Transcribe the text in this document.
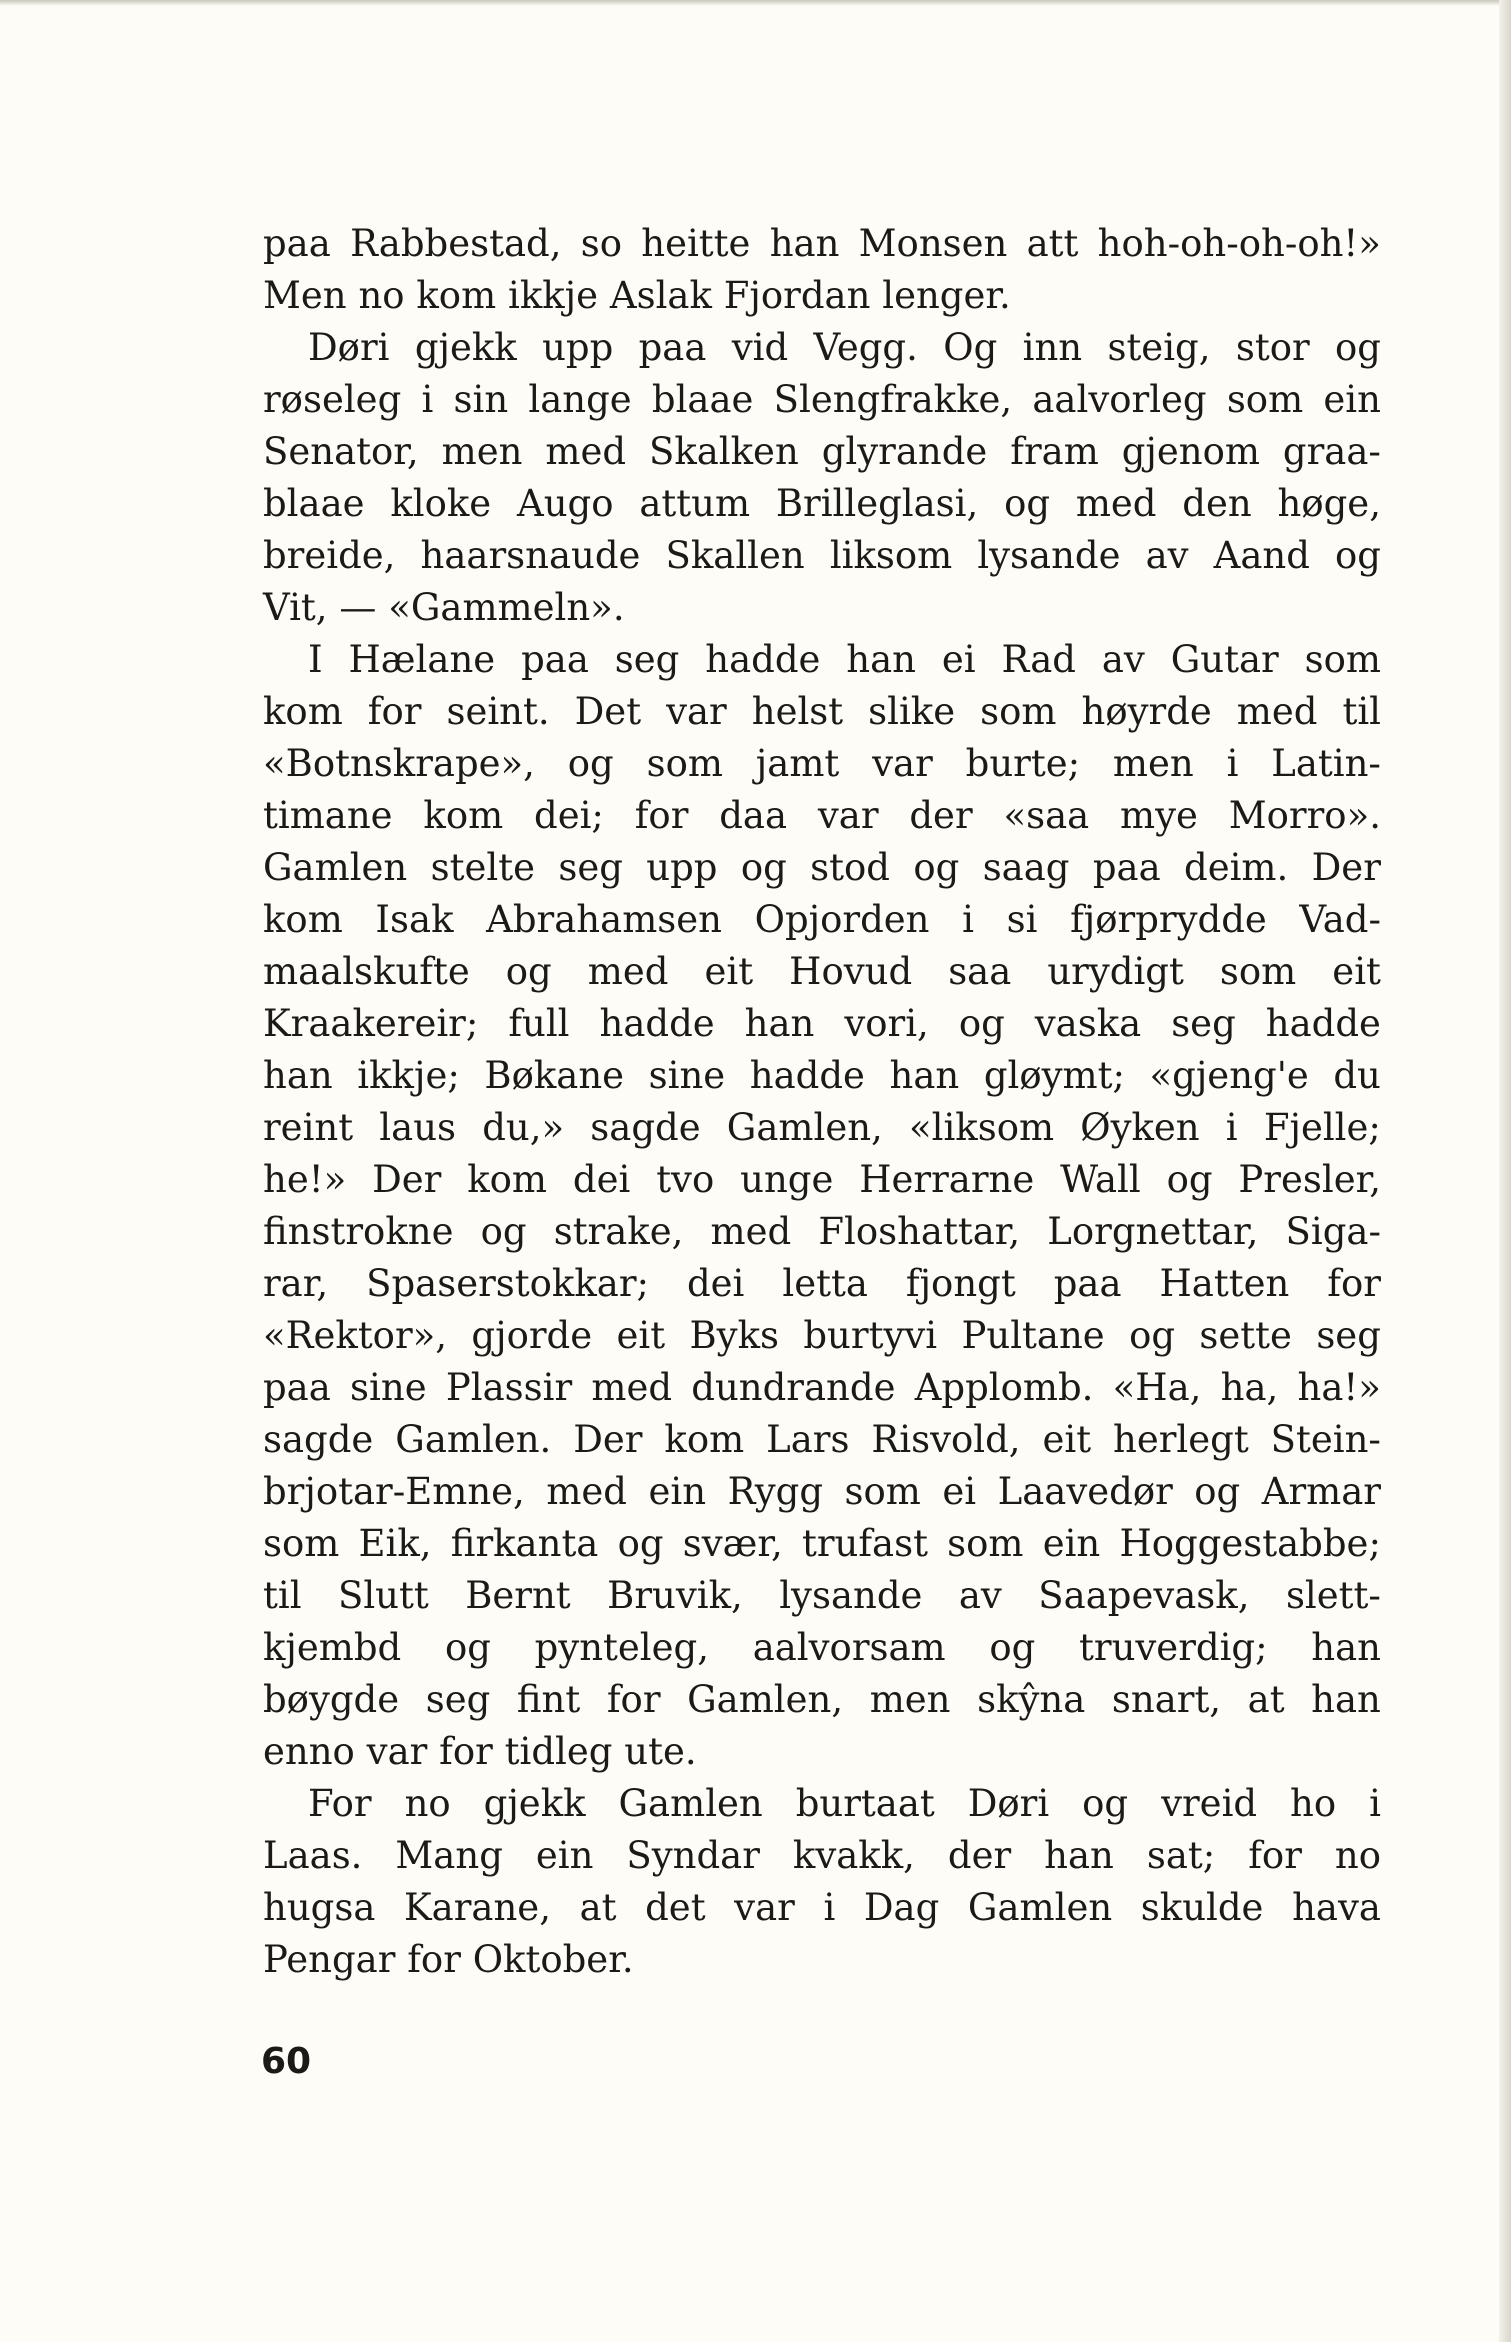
paa Rabbestad, so heitte han Monsen att hoh-oh-oh-oh!»
Men no kom ikkje Aslak Fjordan lenger.
Døri gjekk upp paa vid Vegg. Og inn steig, stor og
røseleg i sin lange blaae Slengfrakke, aalvorleg som ein
Senator, men med Skalken glyrande fram gjenom graa-
blaae kloke Augo attum Brilleglasi, og med den høge,
breide, haarsnaude Skallen liksom lysande av Aand og
Vit, — «Gammeln».
I Hælane paa seg hadde han ei Rad av Gutar som
kom for seint. Det var helst slike som høyrde med til
«Botnskrape», og som jamt var burte; men i Latin-
timane kom dei; for daa var der «saa mye Morro».
Gamlen stelte seg upp og stod og saag paa deim. Der
kom Isak Abrahamsen Opjorden i si fjørprydde Vad-
maalskufte og med eit Hovud saa urydigt som eit
Kraakereir; full hadde han vori, og vaska seg hadde
han ikkje; Bøkane sine hadde han gløymt; «gjeng'e du
reint laus du,» sagde Gamlen, «liksom Øyken i Fjelle;
he!» Der kom dei tvo unge Herrarne Wall og Presler,
finstrokne og strake, med Floshattar, Lorgnettar, Siga-
rar, Spaserstokkar; dei letta fjongt paa Hatten for
«Rektor», gjorde eit Byks burtyvi Pultane og sette seg
paa sine Plassir med dundrande Applomb. «Ha, ha, ha!»
sagde Gamlen. Der kom Lars Risvold, eit herlegt Stein-
brjotar-Emne, med ein Rygg som ei Laavedør og Armar
som Eik, firkanta og svær, trufast som ein Hoggestabbe;
til Slutt Bernt Bruvik, lysande av Saapevask, slett-
kjembd og pynteleg, aalvorsam og truverdig; han
bøygde seg fint for Gamlen, men skŷna snart, at han
enno var for tidleg ute.
For no gjekk Gamlen burtaat Døri og vreid ho i
Laas. Mang ein Syndar kvakk, der han sat; for no
hugsa Karane, at det var i Dag Gamlen skulde hava
Pengar for Oktober.
60
